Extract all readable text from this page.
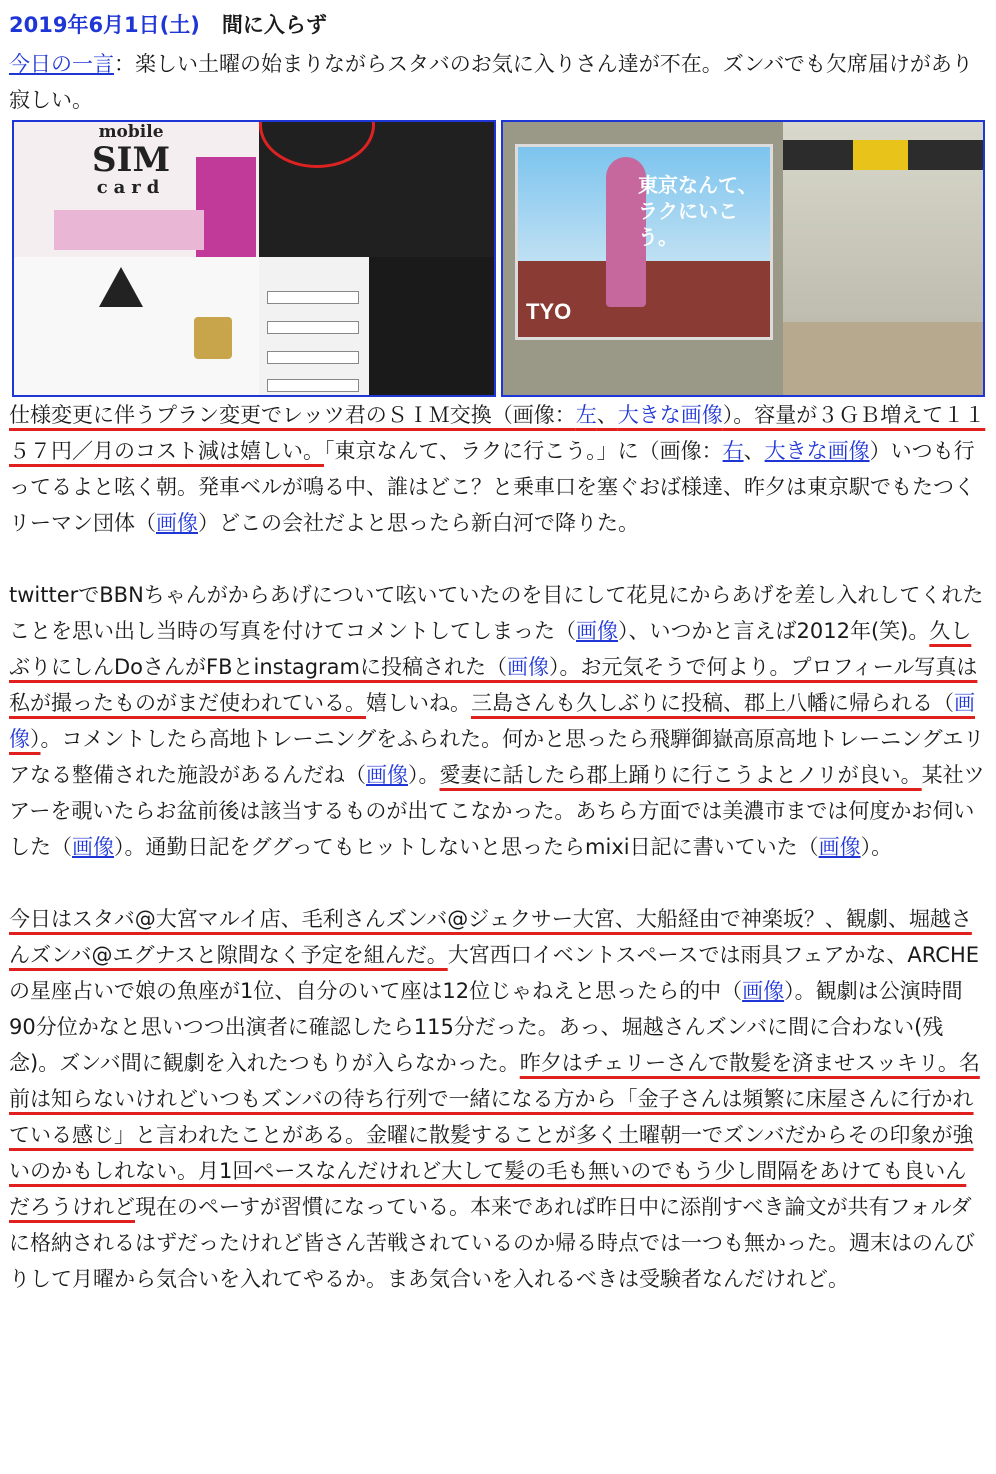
2019年6月1日(土) 間に入らず

今日の一言：楽しい土曜の始まりながらスタバのお気に入りさん達が不在。ズンバでも欠席届けがあり寂しい。

mobile
SIM
card	東京なんて、ラクにいこう。
TYO

仕様変更に伴うプラン変更でレッツ君のＳＩＭ交換（画像：左、大きな画像）。容量が３ＧＢ増えて１１５７円／月のコスト減は嬉しい。「東京なんて、ラクに行こう。」に（画像：右、大きな画像）いつも行ってるよと呟く朝。発車ベルが鳴る中、誰はどこ？と乗車口を塞ぐおば様達、昨夕は東京駅でもたつくリーマン団体（画像）どこの会社だよと思ったら新白河で降りた。

twitterでBBNちゃんがからあげについて呟いていたのを目にして花見にからあげを差し入れしてくれたことを思い出し当時の写真を付けてコメントしてしまった（画像）、いつかと言えば2012年(笑)。久しぶりにしんDoさんがFBとinstagramに投稿された（画像）。お元気そうで何より。プロフィール写真は私が撮ったものがまだ使われている。嬉しいね。三島さんも久しぶりに投稿、郡上八幡に帰られる（画像）。コメントしたら高地トレーニングをふられた。何かと思ったら飛騨御嶽高原高地トレーニングエリアなる整備された施設があるんだね（画像）。愛妻に話したら郡上踊りに行こうよとノリが良い。某社ツアーを覗いたらお盆前後は該当するものが出てこなかった。あちら方面では美濃市までは何度かお伺いした（画像）。通勤日記をググってもヒットしないと思ったらmixi日記に書いていた（画像）。

今日はスタバ@大宮マルイ店、毛利さんズンバ@ジェクサー大宮、大船経由で神楽坂？、観劇、堀越さんズンバ@エグナスと隙間なく予定を組んだ。大宮西口イベントスペースでは雨具フェアかな、ARCHEの星座占いで娘の魚座が1位、自分のいて座は12位じゃねえと思ったら的中（画像）。観劇は公演時間90分位かなと思いつつ出演者に確認したら115分だった。あっ、堀越さんズンバに間に合わない(残念)。ズンバ間に観劇を入れたつもりが入らなかった。昨夕はチェリーさんで散髪を済ませスッキリ。名前は知らないけれどいつもズンバの待ち行列で一緒になる方から「金子さんは頻繁に床屋さんに行かれている感じ」と言われたことがある。金曜に散髪することが多く土曜朝一でズンバだからその印象が強いのかもしれない。月1回ペースなんだけれど大して髪の毛も無いのでもう少し間隔をあけても良いんだろうけれど現在のペーすが習慣になっている。本来であれば昨日中に添削すべき論文が共有フォルダに格納されるはずだったけれど皆さん苦戦されているのか帰る時点では一つも無かった。週末はのんびりして月曜から気合いを入れてやるか。まあ気合いを入れるべきは受験者なんだけれど。
